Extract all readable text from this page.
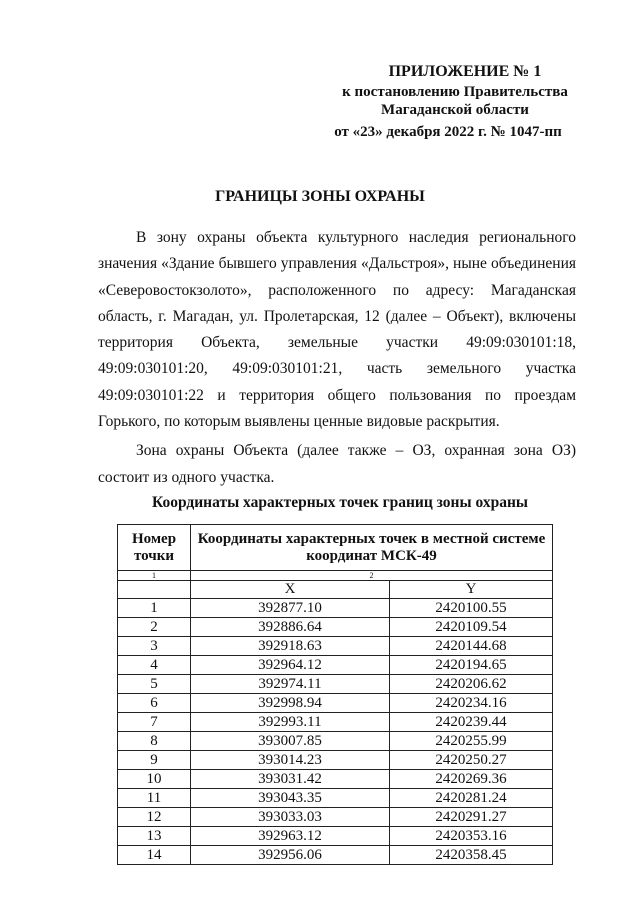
ПРИЛОЖЕНИЕ № 1
к постановлению Правительства
Магаданской области
от «23» декабря 2022 г. № 1047-пп
ГРАНИЦЫ ЗОНЫ ОХРАНЫ

В зону охраны объекта культурного наследия регионального значения «Здание бывшего управления «Дальстроя», ныне объединения «Северовостокзолото», расположенного по адресу: Магаданская область, г. Магадан, ул. Пролетарская, 12 (далее – Объект), включены территория Объекта, земельные участки 49:09:030101:18, 49:09:030101:20, 49:09:030101:21, часть земельного участка 49:09:030101:22 и территория общего пользования по проездам Горького, по которым выявлены ценные видовые раскрытия.

Зона охраны Объекта (далее также – ОЗ, охранная зона ОЗ) состоит из одного участка.

Координаты характерных точек границ зоны охраны
Номер точки	Координаты характерных точек в местной системе координат МСК-49	
1	2	
	X	Y
1	392877.10	2420100.55
2	392886.64	2420109.54
3	392918.63	2420144.68
4	392964.12	2420194.65
5	392974.11	2420206.62
6	392998.94	2420234.16
7	392993.11	2420239.44
8	393007.85	2420255.99
9	393014.23	2420250.27
10	393031.42	2420269.36
11	393043.35	2420281.24
12	393033.03	2420291.27
13	392963.12	2420353.16
14	392956.06	2420358.45
